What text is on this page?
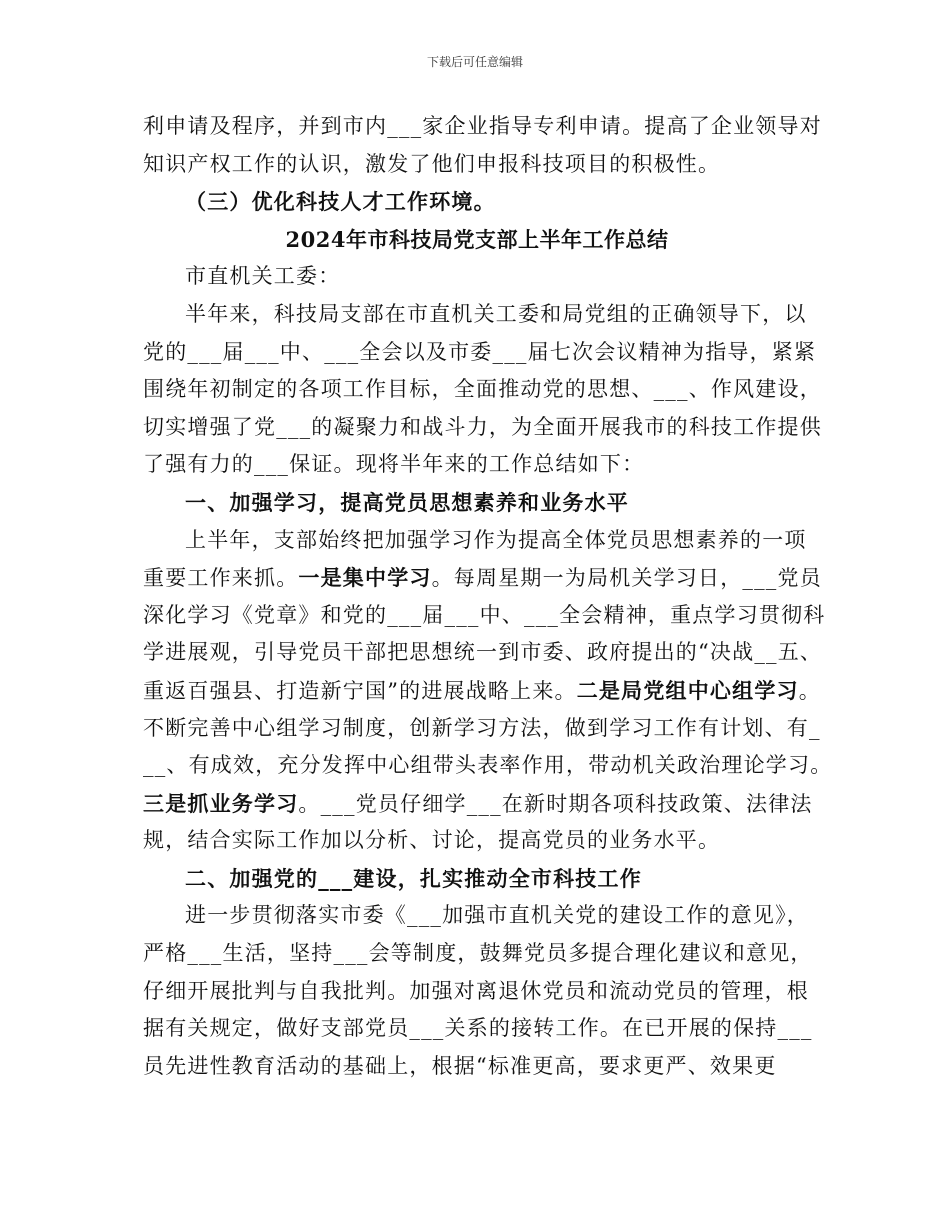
下载后可任意编辑
利申请及程序，并到市内___家企业指导专利申请。提高了企业领导对
知识产权工作的认识，激发了他们申报科技项目的积极性。
（三）优化科技人才工作环境。
2024年市科技局党支部上半年工作总结
市直机关工委：
半年来，科技局支部在市直机关工委和局党组的正确领导下，以
党的___届___中、___全会以及市委___届七次会议精神为指导，紧紧
围绕年初制定的各项工作目标，全面推动党的思想、___、作风建设，
切实增强了党___的凝聚力和战斗力，为全面开展我市的科技工作提供
了强有力的___保证。现将半年来的工作总结如下：
一、加强学习，提高党员思想素养和业务水平
上半年，支部始终把加强学习作为提高全体党员思想素养的一项
重要工作来抓。一是集中学习。每周星期一为局机关学习日，___党员
深化学习《党章》和党的___届___中、___全会精神，重点学习贯彻科
学进展观，引导党员干部把思想统一到市委、政府提出的“决战__五、
重返百强县、打造新宁国”的进展战略上来。二是局党组中心组学习。
不断完善中心组学习制度，创新学习方法，做到学习工作有计划、有_
__、有成效，充分发挥中心组带头表率作用，带动机关政治理论学习。
三是抓业务学习。___党员仔细学___在新时期各项科技政策、法律法
规，结合实际工作加以分析、讨论，提高党员的业务水平。
二、加强党的___建设，扎实推动全市科技工作
进一步贯彻落实市委《___加强市直机关党的建设工作的意见》，
严格___生活，坚持___会等制度，鼓舞党员多提合理化建议和意见，
仔细开展批判与自我批判。加强对离退休党员和流动党员的管理，根
据有关规定，做好支部党员___关系的接转工作。在已开展的保持___
员先进性教育活动的基础上，根据“标准更高，要求更严、效果更
